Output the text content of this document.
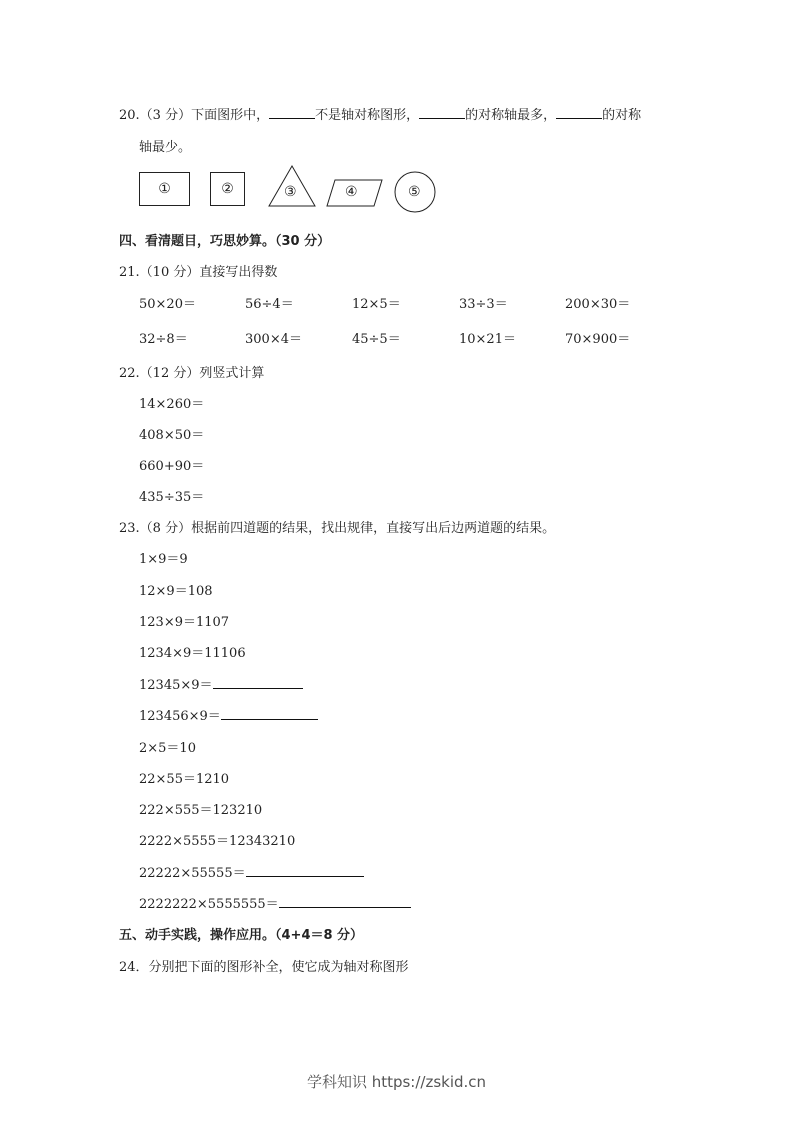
20.（3 分）下面图形中，	不是轴对称图形，	的对称轴最多，	的对称
轴最少。
①	②	③	④	⑤
四、看清题目，巧思妙算。（30 分）
21.（10 分）直接写出得数
50×20＝	56÷4＝	12×5＝	33÷3＝	200×30＝
32÷8＝	300×4＝	45÷5＝	10×21＝	70×900＝
22.（12 分）列竖式计算
14×260＝
408×50＝
660+90＝
435÷35＝
23.（8 分）根据前四道题的结果，找出规律，直接写出后边两道题的结果。
1×9＝9
12×9＝108
123×9＝1107
1234×9＝11106
12345×9＝
123456×9＝
2×5＝10
22×55＝1210
222×555＝123210
2222×5555＝12343210
22222×55555＝
2222222×5555555＝
五、动手实践，操作应用。（4+4＝8 分）
24．分别把下面的图形补全，使它成为轴对称图形
学科知识 https://zskid.cn
